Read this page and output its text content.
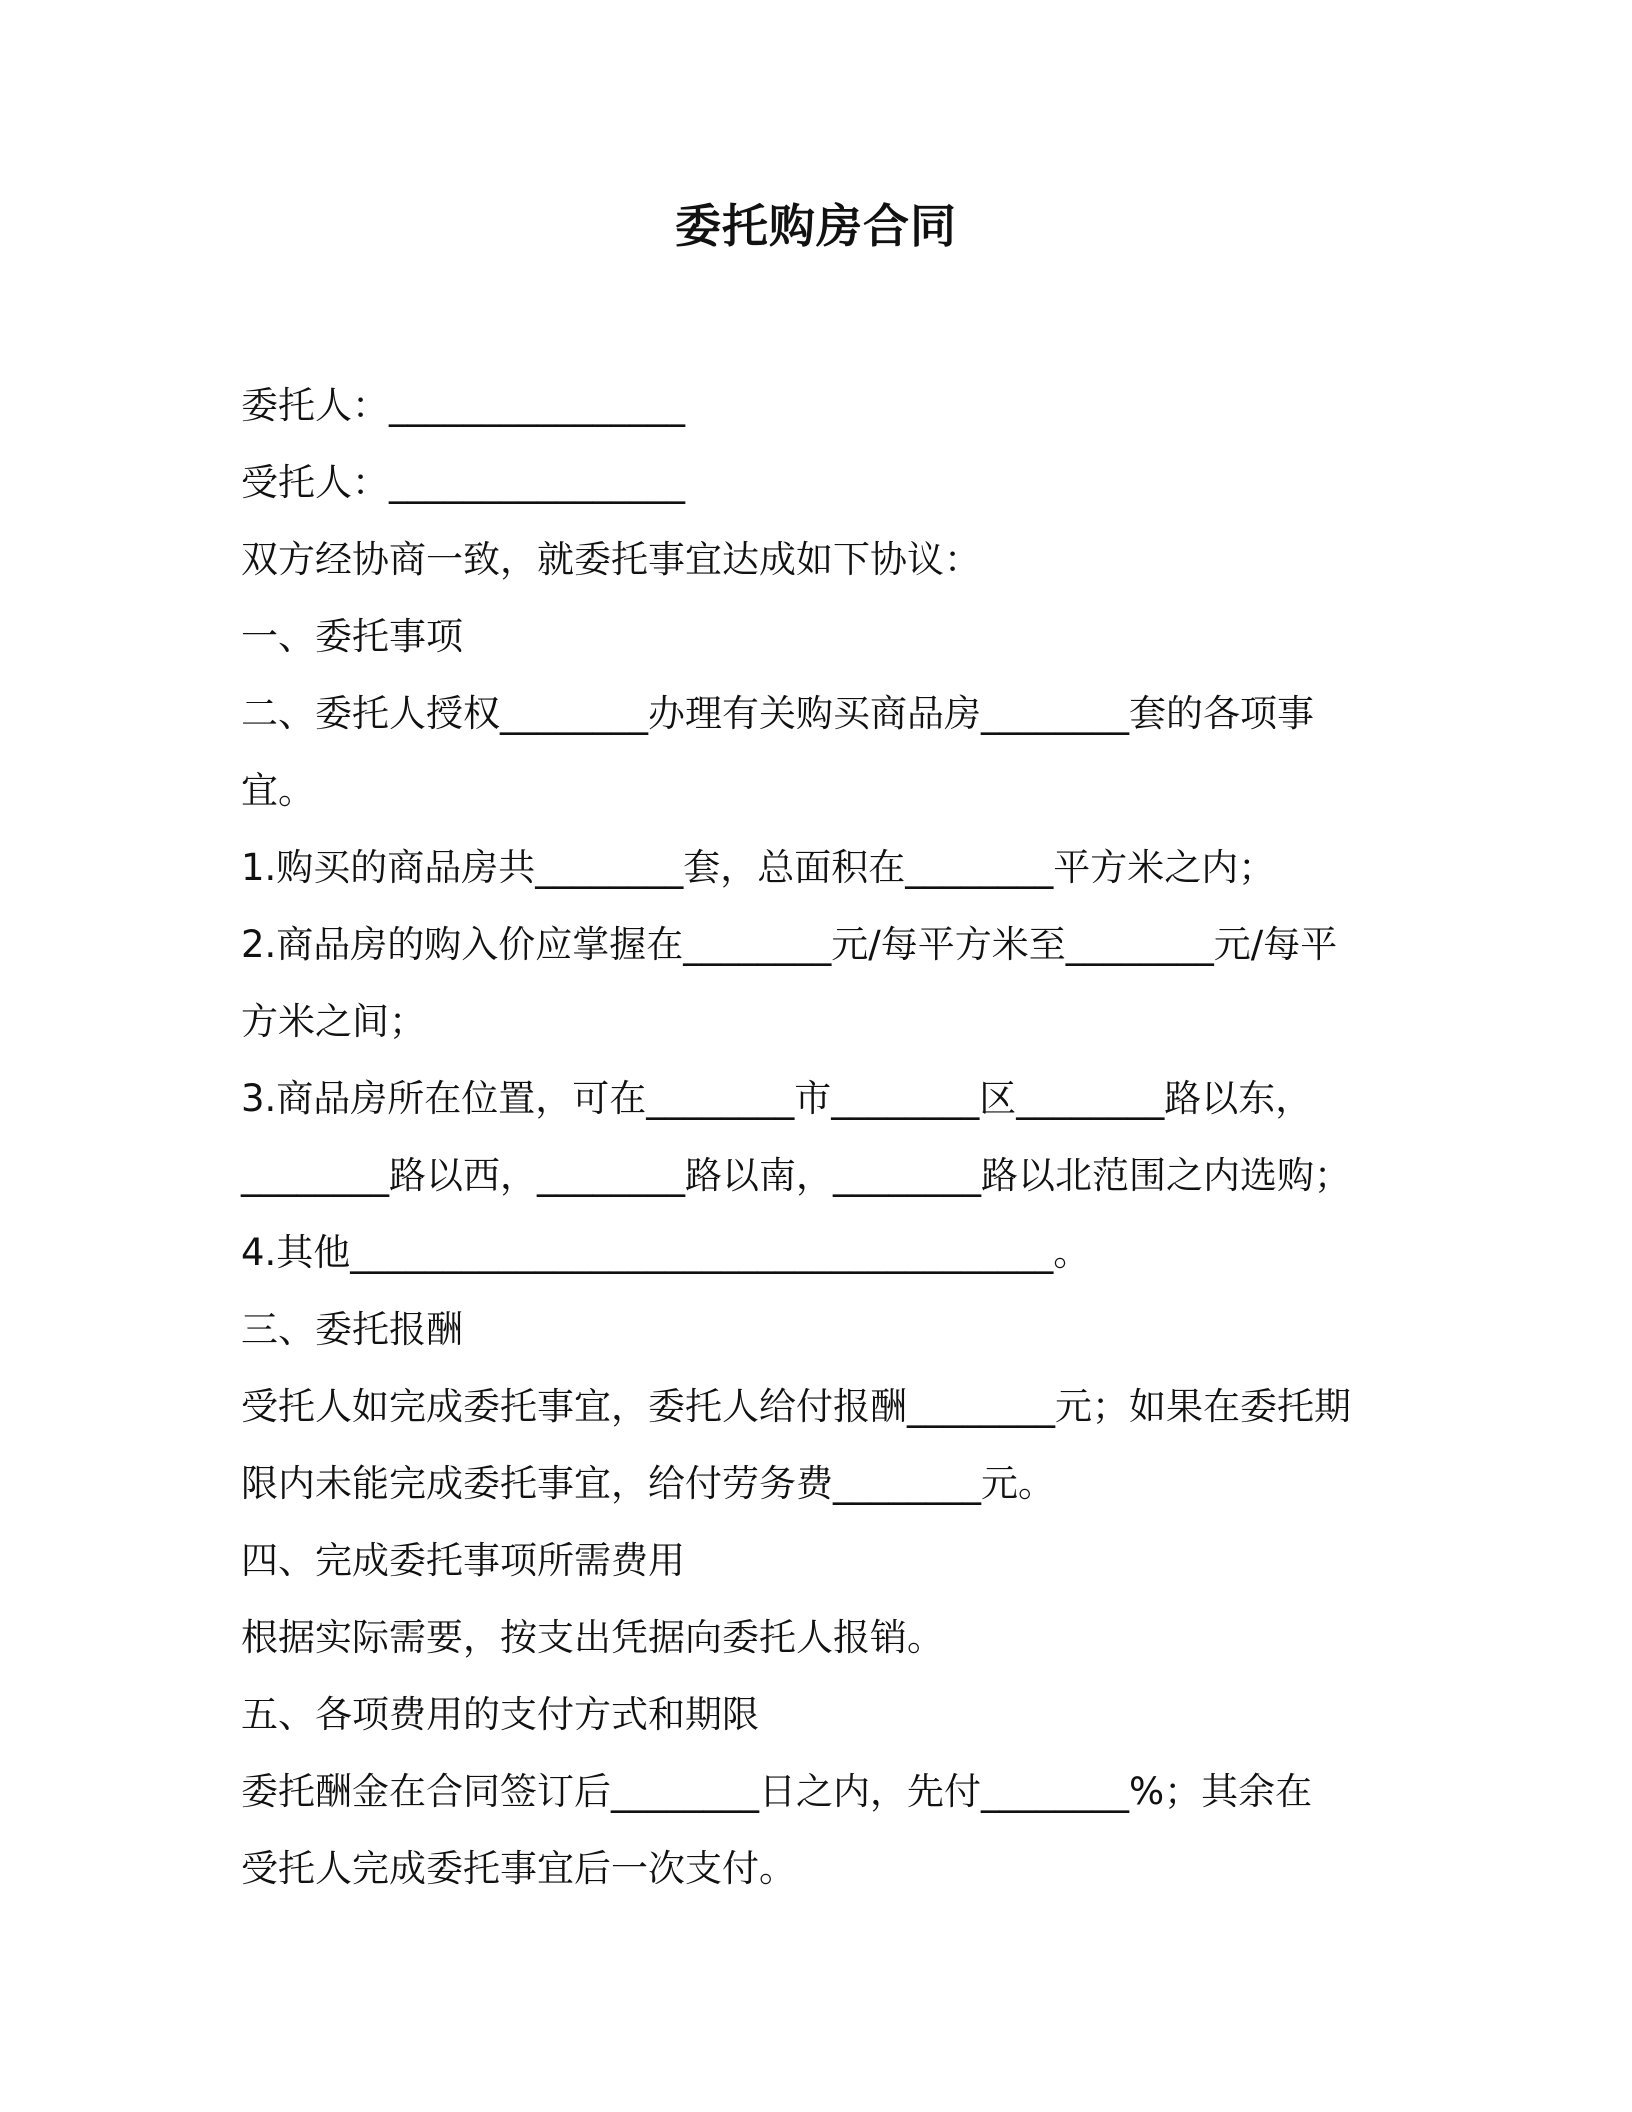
委托购房合同
委托人：________________
受托人：________________
双方经协商一致，就委托事宜达成如下协议：
一、委托事项
二、委托人授权________办理有关购买商品房________套的各项事
宜。
1.购买的商品房共________套，总面积在________平方米之内；
2.商品房的购入价应掌握在________元/每平方米至________元/每平
方米之间；
3.商品房所在位置，可在________市________区________路以东，
________路以西，________路以南，________路以北范围之内选购；
4.其他______________________________________。
三、委托报酬
受托人如完成委托事宜，委托人给付报酬________元；如果在委托期
限内未能完成委托事宜，给付劳务费________元。
四、完成委托事项所需费用
根据实际需要，按支出凭据向委托人报销。
五、各项费用的支付方式和期限
委托酬金在合同签订后________日之内，先付________%；其余在
受托人完成委托事宜后一次支付。
